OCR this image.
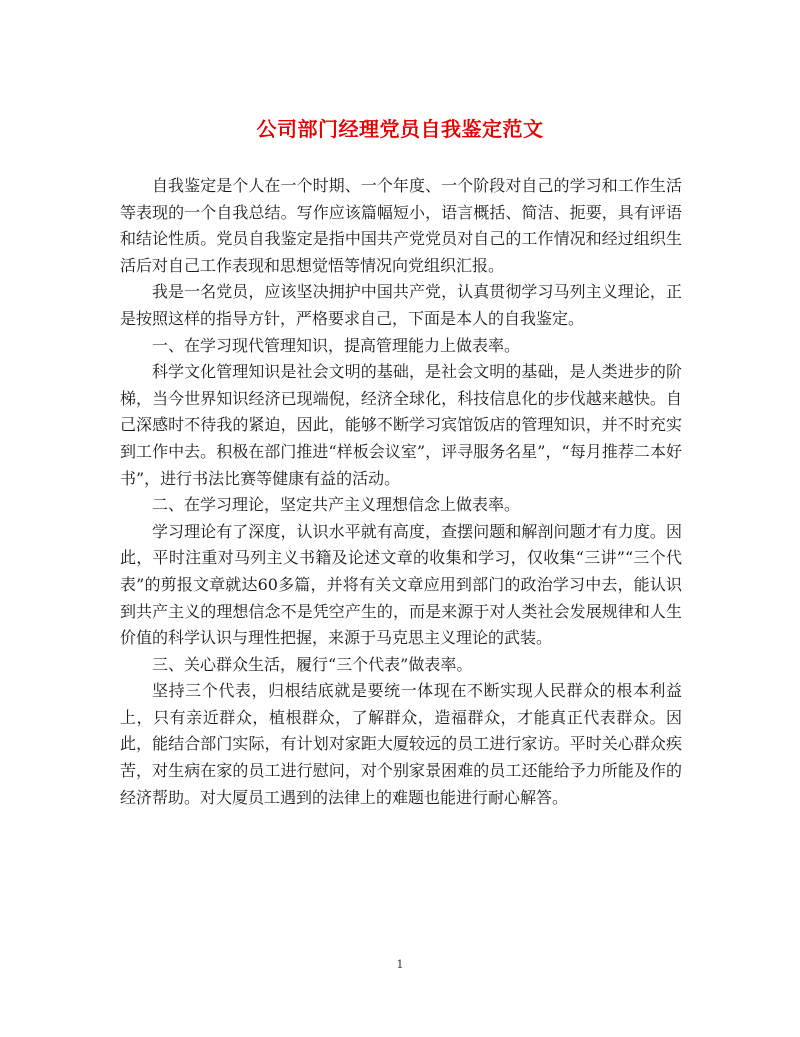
公司部门经理党员自我鉴定范文

自我鉴定是个人在一个时期、一个年度、一个阶段对自己的学习和工作生活等表现的一个自我总结。写作应该篇幅短小，语言概括、简洁、扼要，具有评语和结论性质。党员自我鉴定是指中国共产党党员对自己的工作情况和经过组织生活后对自己工作表现和思想觉悟等情况向党组织汇报。

我是一名党员，应该坚决拥护中国共产党，认真贯彻学习马列主义理论，正是按照这样的指导方针，严格要求自己，下面是本人的自我鉴定。

一、在学习现代管理知识，提高管理能力上做表率。

科学文化管理知识是社会文明的基础，是社会文明的基础，是人类进步的阶梯，当今世界知识经济已现端倪，经济全球化，科技信息化的步伐越来越快。自己深感时不待我的紧迫，因此，能够不断学习宾馆饭店的管理知识，并不时充实到工作中去。积极在部门推进“样板会议室”，评寻服务名星”，“每月推荐二本好书”，进行书法比赛等健康有益的活动。

二、在学习理论，坚定共产主义理想信念上做表率。

学习理论有了深度，认识水平就有高度，查摆问题和解剖问题才有力度。因此，平时注重对马列主义书籍及论述文章的收集和学习，仅收集“三讲”“三个代表”的剪报文章就达60多篇，并将有关文章应用到部门的政治学习中去，能认识到共产主义的理想信念不是凭空产生的，而是来源于对人类社会发展规律和人生价值的科学认识与理性把握，来源于马克思主义理论的武装。

三、关心群众生活，履行“三个代表”做表率。

坚持三个代表，归根结底就是要统一体现在不断实现人民群众的根本利益上，只有亲近群众，植根群众，了解群众，造福群众，才能真正代表群众。因此，能结合部门实际，有计划对家距大厦较远的员工进行家访。平时关心群众疾苦，对生病在家的员工进行慰问，对个别家景困难的员工还能给予力所能及作的经济帮助。对大厦员工遇到的法律上的难题也能进行耐心解答。

1
